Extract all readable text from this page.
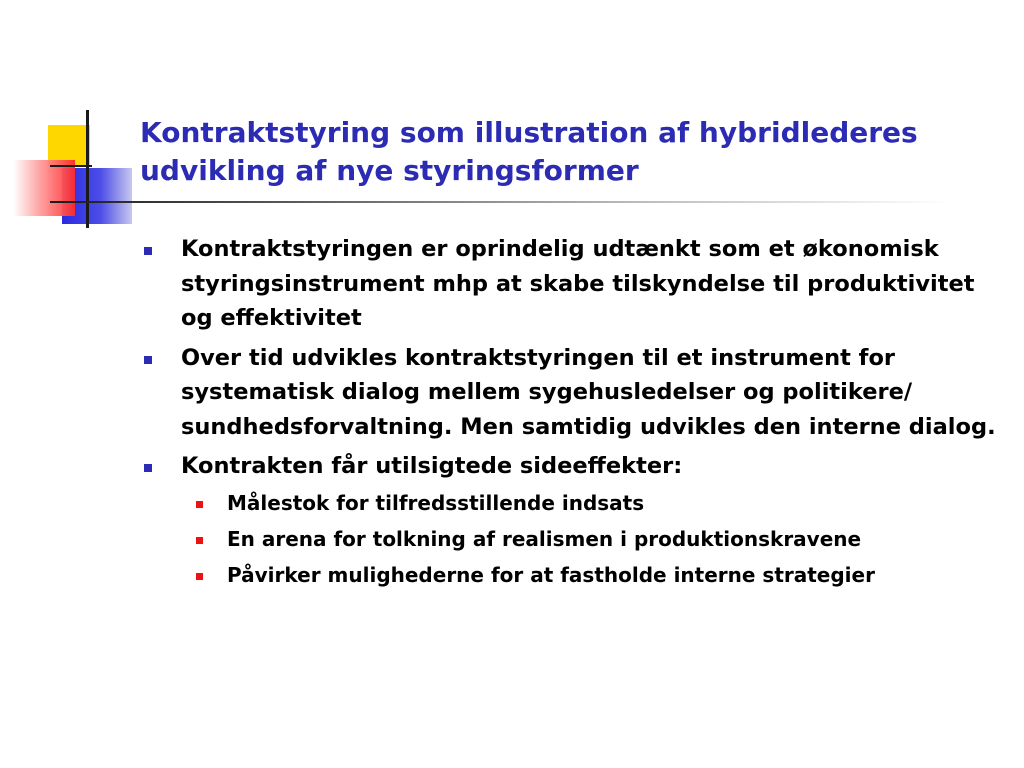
Kontraktstyring som illustration af hybridlederes udvikling af nye styringsformer
Kontraktstyringen er oprindelig udtænkt som et økonomisk styringsinstrument mhp at skabe tilskyndelse til produktivitet og effektivitet
Over tid udvikles kontraktstyringen til et instrument for systematisk dialog mellem sygehusledelser og politikere/ sundhedsforvaltning. Men samtidig udvikles den interne dialog.
Kontrakten får utilsigtede sideeffekter:
Målestok for tilfredsstillende indsats
En arena for tolkning af realismen i produktionskravene
Påvirker mulighederne for at fastholde interne strategier
